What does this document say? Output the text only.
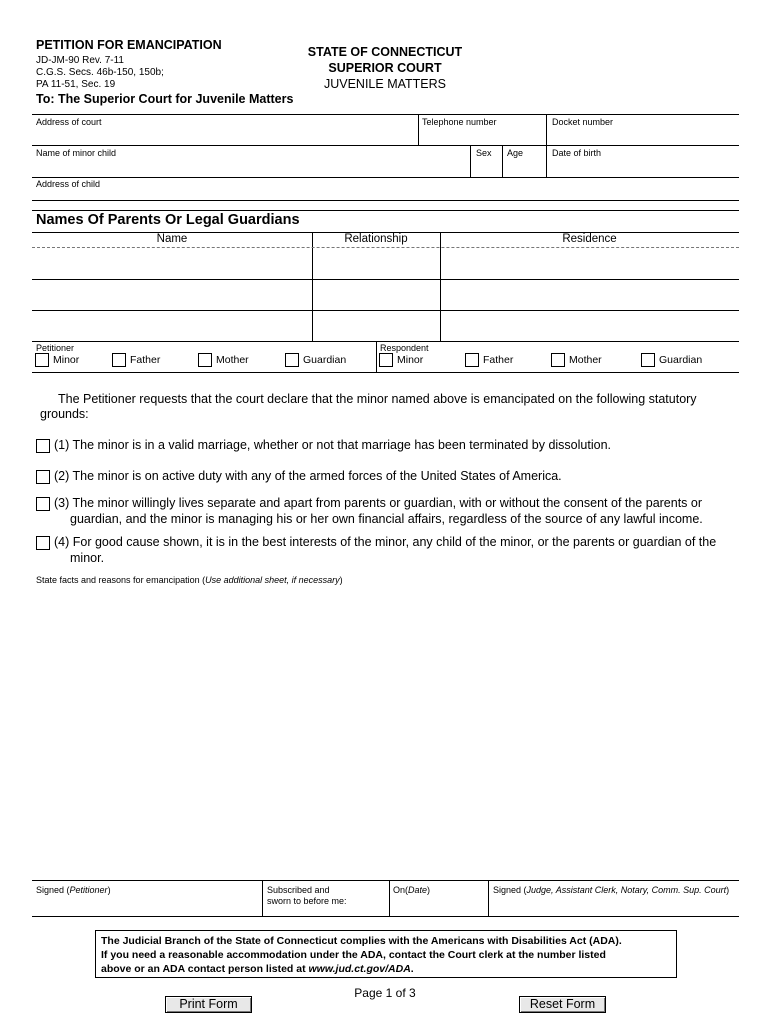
PETITION FOR EMANCIPATION
JD-JM-90 Rev. 7-11
C.G.S. Secs. 46b-150, 150b;
PA 11-51, Sec. 19
To: The Superior Court for Juvenile Matters
STATE OF CONNECTICUT
SUPERIOR COURT
JUVENILE MATTERS
Address of court	Telephone number	Docket number
Name of minor child	Sex Age	Date of birth
Address of child
Names Of Parents Or Legal Guardians
Name	Relationship	Residence
Petitioner
Minor	Father	Mother	Guardian
Respondent
Minor	Father	Mother	Guardian
The Petitioner requests that the court declare that the minor named above is emancipated on the following statutory
grounds:
(1) The minor is in a valid marriage, whether or not that marriage has been terminated by dissolution.
(2) The minor is on active duty with any of the armed forces of the United States of America.
(3) The minor willingly lives separate and apart from parents or guardian, with or without the consent of the parents or
guardian, and the minor is managing his or her own financial affairs, regardless of the source of any lawful income.
(4) For good cause shown, it is in the best interests of the minor, any child of the minor, or the parents or guardian of the
minor.
State facts and reasons for emancipation (Use additional sheet, if necessary)
Signed (Petitioner)	Subscribed and
sworn to before me:
On(Date)	Signed (Judge, Assistant Clerk, Notary, Comm. Sup. Court)
The Judicial Branch of the State of Connecticut complies with the Americans with Disabilities Act (ADA).
If you need a reasonable accommodation under the ADA, contact the Court clerk at the number listed
above or an ADA contact person listed at www.jud.ct.gov/ADA.
Page 1 of 3
Print Form	Reset Form
